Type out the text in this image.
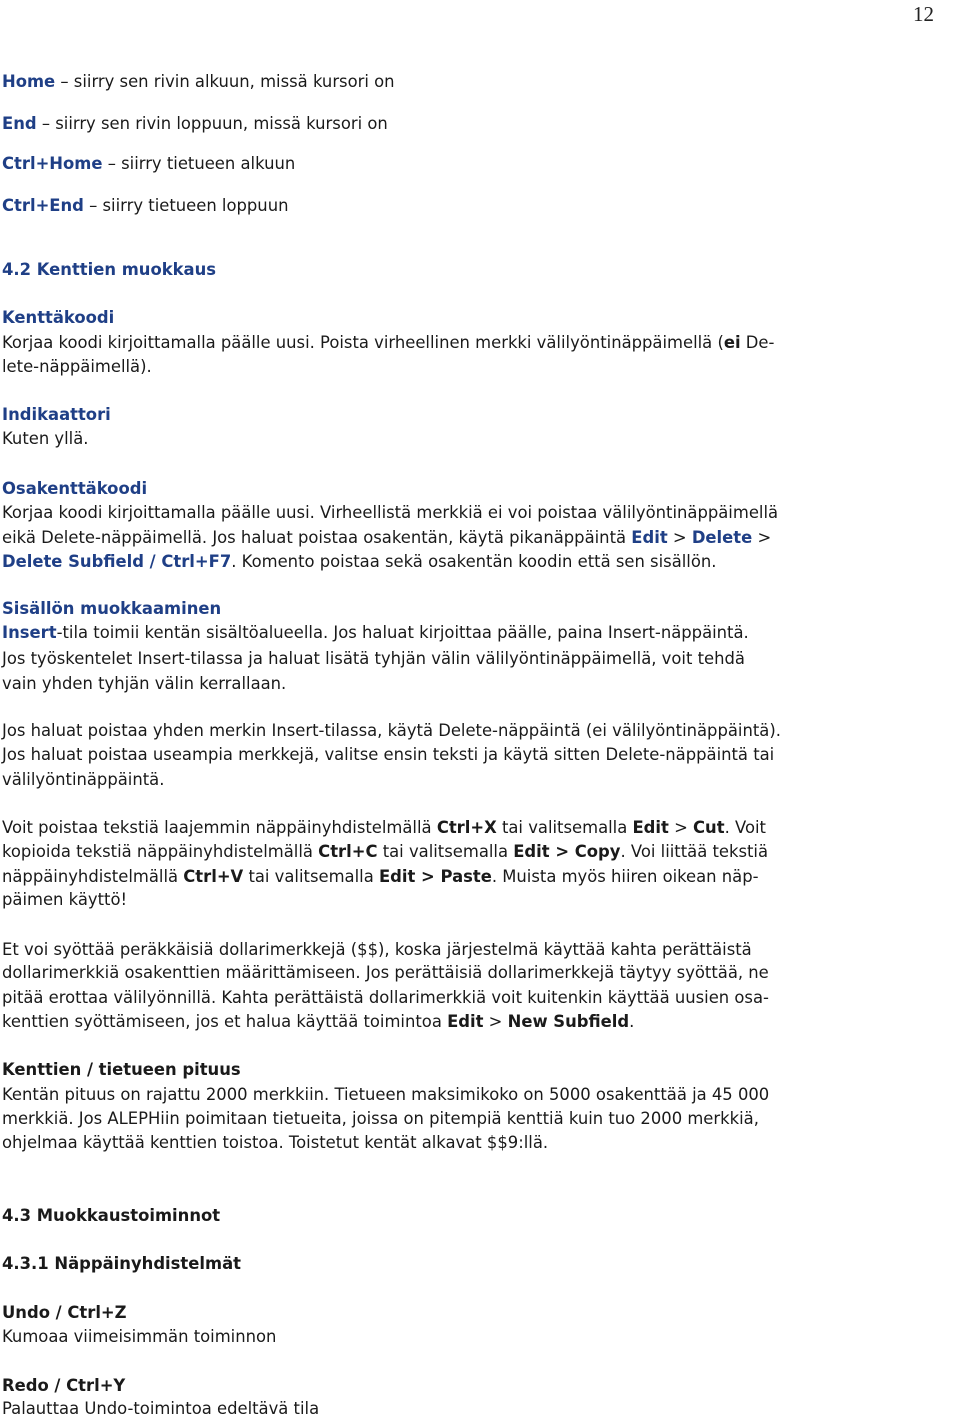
12
Home – siirry sen rivin alkuun, missä kursori on
End – siirry sen rivin loppuun, missä kursori on
Ctrl+Home – siirry tietueen alkuun
Ctrl+End – siirry tietueen loppuun
4.2 Kenttien muokkaus
Kenttäkoodi
Korjaa koodi kirjoittamalla päälle uusi. Poista virheellinen merkki välilyöntinäppäimellä (ei De-
lete-näppäimellä).
Indikaattori
Kuten yllä.
Osakenttäkoodi
Korjaa koodi kirjoittamalla päälle uusi. Virheellistä merkkiä ei voi poistaa välilyöntinäppäimellä
eikä Delete-näppäimellä. Jos haluat poistaa osakentän, käytä pikanäppäintä Edit > Delete >
Delete Subfield / Ctrl+F7. Komento poistaa sekä osakentän koodin että sen sisällön.
Sisällön muokkaaminen
Insert-tila toimii kentän sisältöalueella. Jos haluat kirjoittaa päälle, paina Insert-näppäintä.
Jos työskentelet Insert-tilassa ja haluat lisätä tyhjän välin välilyöntinäppäimellä, voit tehdä
vain yhden tyhjän välin kerrallaan.
Jos haluat poistaa yhden merkin Insert-tilassa, käytä Delete-näppäintä (ei välilyöntinäppäintä).
Jos haluat poistaa useampia merkkejä, valitse ensin teksti ja käytä sitten Delete-näppäintä tai
välilyöntinäppäintä.
Voit poistaa tekstiä laajemmin näppäinyhdistelmällä Ctrl+X tai valitsemalla Edit > Cut. Voit
kopioida tekstiä näppäinyhdistelmällä Ctrl+C tai valitsemalla Edit > Copy. Voi liittää tekstiä
näppäinyhdistelmällä Ctrl+V tai valitsemalla Edit > Paste. Muista myös hiiren oikean näp-
päimen käyttö!
Et voi syöttää peräkkäisiä dollarimerkkejä ($$), koska järjestelmä käyttää kahta perättäistä
dollarimerkkiä osakenttien määrittämiseen. Jos perättäisiä dollarimerkkejä täytyy syöttää, ne
pitää erottaa välilyönnillä. Kahta perättäistä dollarimerkkiä voit kuitenkin käyttää uusien osa-
kenttien syöttämiseen, jos et halua käyttää toimintoa Edit > New Subfield.
Kenttien / tietueen pituus
Kentän pituus on rajattu 2000 merkkiin. Tietueen maksimikoko on 5000 osakenttää ja 45 000
merkkiä. Jos ALEPHiin poimitaan tietueita, joissa on pitempiä kenttiä kuin tuo 2000 merkkiä,
ohjelmaa käyttää kenttien toistoa. Toistetut kentät alkavat $$9:llä.
4.3 Muokkaustoiminnot
4.3.1 Näppäinyhdistelmät
Undo / Ctrl+Z
Kumoaa viimeisimmän toiminnon
Redo / Ctrl+Y
Palauttaa Undo-toimintoa edeltävä tila
